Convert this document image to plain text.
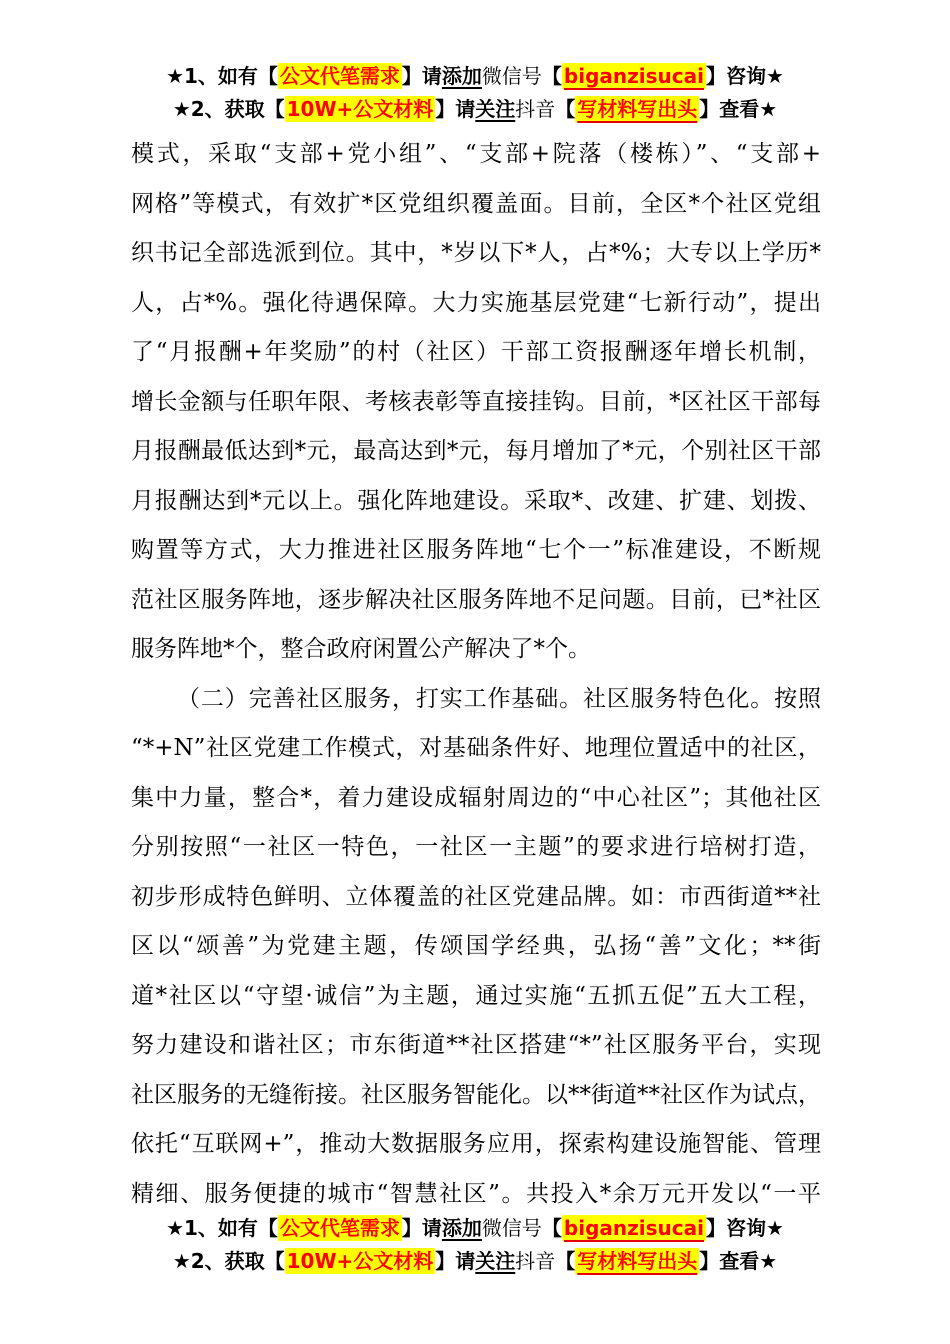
★1、如有【 公文代笔需求 】请添加微信号【 biganzisucai 】咨询★
★2、获取【 10W+公文材料 】请关注抖音【 写材料写出头 】查看★
模式，采取“支部+党小组”、“支部+院落（楼栋）”、“支部+
网格”等模式，有效扩*区党组织覆盖面。目前，全区*个社区党组
织书记全部选派到位。其中，*岁以下*人，占*%；大专以上学历*
人，占*%。强化待遇保障。大力实施基层党建“七新行动”，提出
了“月报酬+年奖励”的村（社区）干部工资报酬逐年增长机制，
增长金额与任职年限、考核表彰等直接挂钩。目前，*区社区干部每
月报酬最低达到*元，最高达到*元，每月增加了*元，个别社区干部
月报酬达到*元以上。强化阵地建设。采取*、改建、扩建、划拨、
购置等方式，大力推进社区服务阵地“七个一”标准建设，不断规
范社区服务阵地，逐步解决社区服务阵地不足问题。目前，已*社区
服务阵地*个，整合政府闲置公产解决了*个。
（二）完善社区服务，打实工作基础。社区服务特色化。按照
“*+N”社区党建工作模式，对基础条件好、地理位置适中的社区，
集中力量，整合*，着力建设成辐射周边的“中心社区”；其他社区
分别按照“一社区一特色，一社区一主题”的要求进行培树打造，
初步形成特色鲜明、立体覆盖的社区党建品牌。如：市西街道**社
区以“颂善”为党建主题，传颂国学经典，弘扬“善”文化；**街
道*社区以“守望·诚信”为主题，通过实施“五抓五促”五大工程，
努力建设和谐社区；市东街道**社区搭建“*”社区服务平台，实现
社区服务的无缝衔接。社区服务智能化。以**街道**社区作为试点，
依托“互联网+”，推动大数据服务应用，探索构建设施智能、管理
精细、服务便捷的城市“智慧社区”。共投入*余万元开发以“一平
★1、如有【 公文代笔需求 】请添加微信号【 biganzisucai 】咨询★
★2、获取【 10W+公文材料 】请关注抖音【 写材料写出头 】查看★
